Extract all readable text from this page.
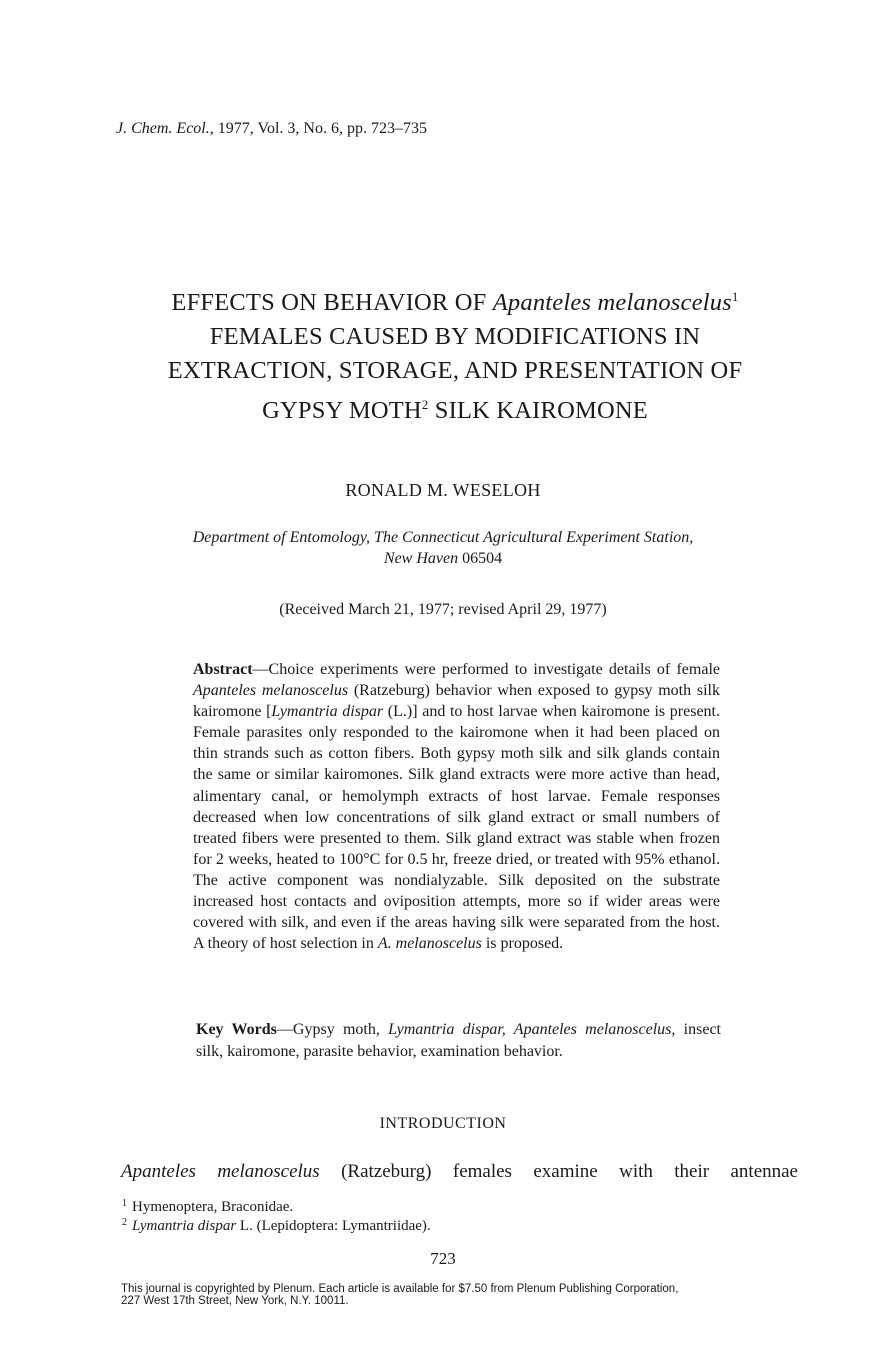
J. Chem. Ecol., 1977, Vol. 3, No. 6, pp. 723–735
EFFECTS ON BEHAVIOR OF Apanteles melanoscelus$^1$
FEMALES CAUSED BY MODIFICATIONS IN
EXTRACTION, STORAGE, AND PRESENTATION OF
GYPSY MOTH$^2$ SILK KAIROMONE
RONALD M. WESELOH
Department of Entomology, The Connecticut Agricultural Experiment Station,
New Haven 06504
(Received March 21, 1977; revised April 29, 1977)
Abstract—Choice experiments were performed to investigate details of female Apanteles melanoscelus (Ratzeburg) behavior when exposed to gypsy moth silk kairomone [Lymantria dispar (L.)] and to host larvae when kairomone is present. Female parasites only responded to the kairomone when it had been placed on thin strands such as cotton fibers. Both gypsy moth silk and silk glands contain the same or similar kairomones. Silk gland extracts were more active than head, alimentary canal, or hemolymph extracts of host larvae. Female responses decreased when low concentrations of silk gland extract or small numbers of treated fibers were presented to them. Silk gland extract was stable when frozen for 2 weeks, heated to 100°C for 0.5 hr, freeze dried, or treated with 95% ethanol. The active component was nondialyzable. Silk deposited on the substrate increased host contacts and oviposition attempts, more so if wider areas were covered with silk, and even if the areas having silk were separated from the host. A theory of host selection in A. melanoscelus is proposed.
Key Words—Gypsy moth, Lymantria dispar, Apanteles melanoscelus, insect silk, kairomone, parasite behavior, examination behavior.
INTRODUCTION
Apanteles melanoscelus (Ratzeburg) females examine with their antennae
$^1$ Hymenoptera, Braconidae.
$^2$ Lymantria dispar L. (Lepidoptera: Lymantriidae).
723
This journal is copyrighted by Plenum. Each article is available for $7.50 from Plenum Publishing Corporation,
227 West 17th Street, New York, N.Y. 10011.
